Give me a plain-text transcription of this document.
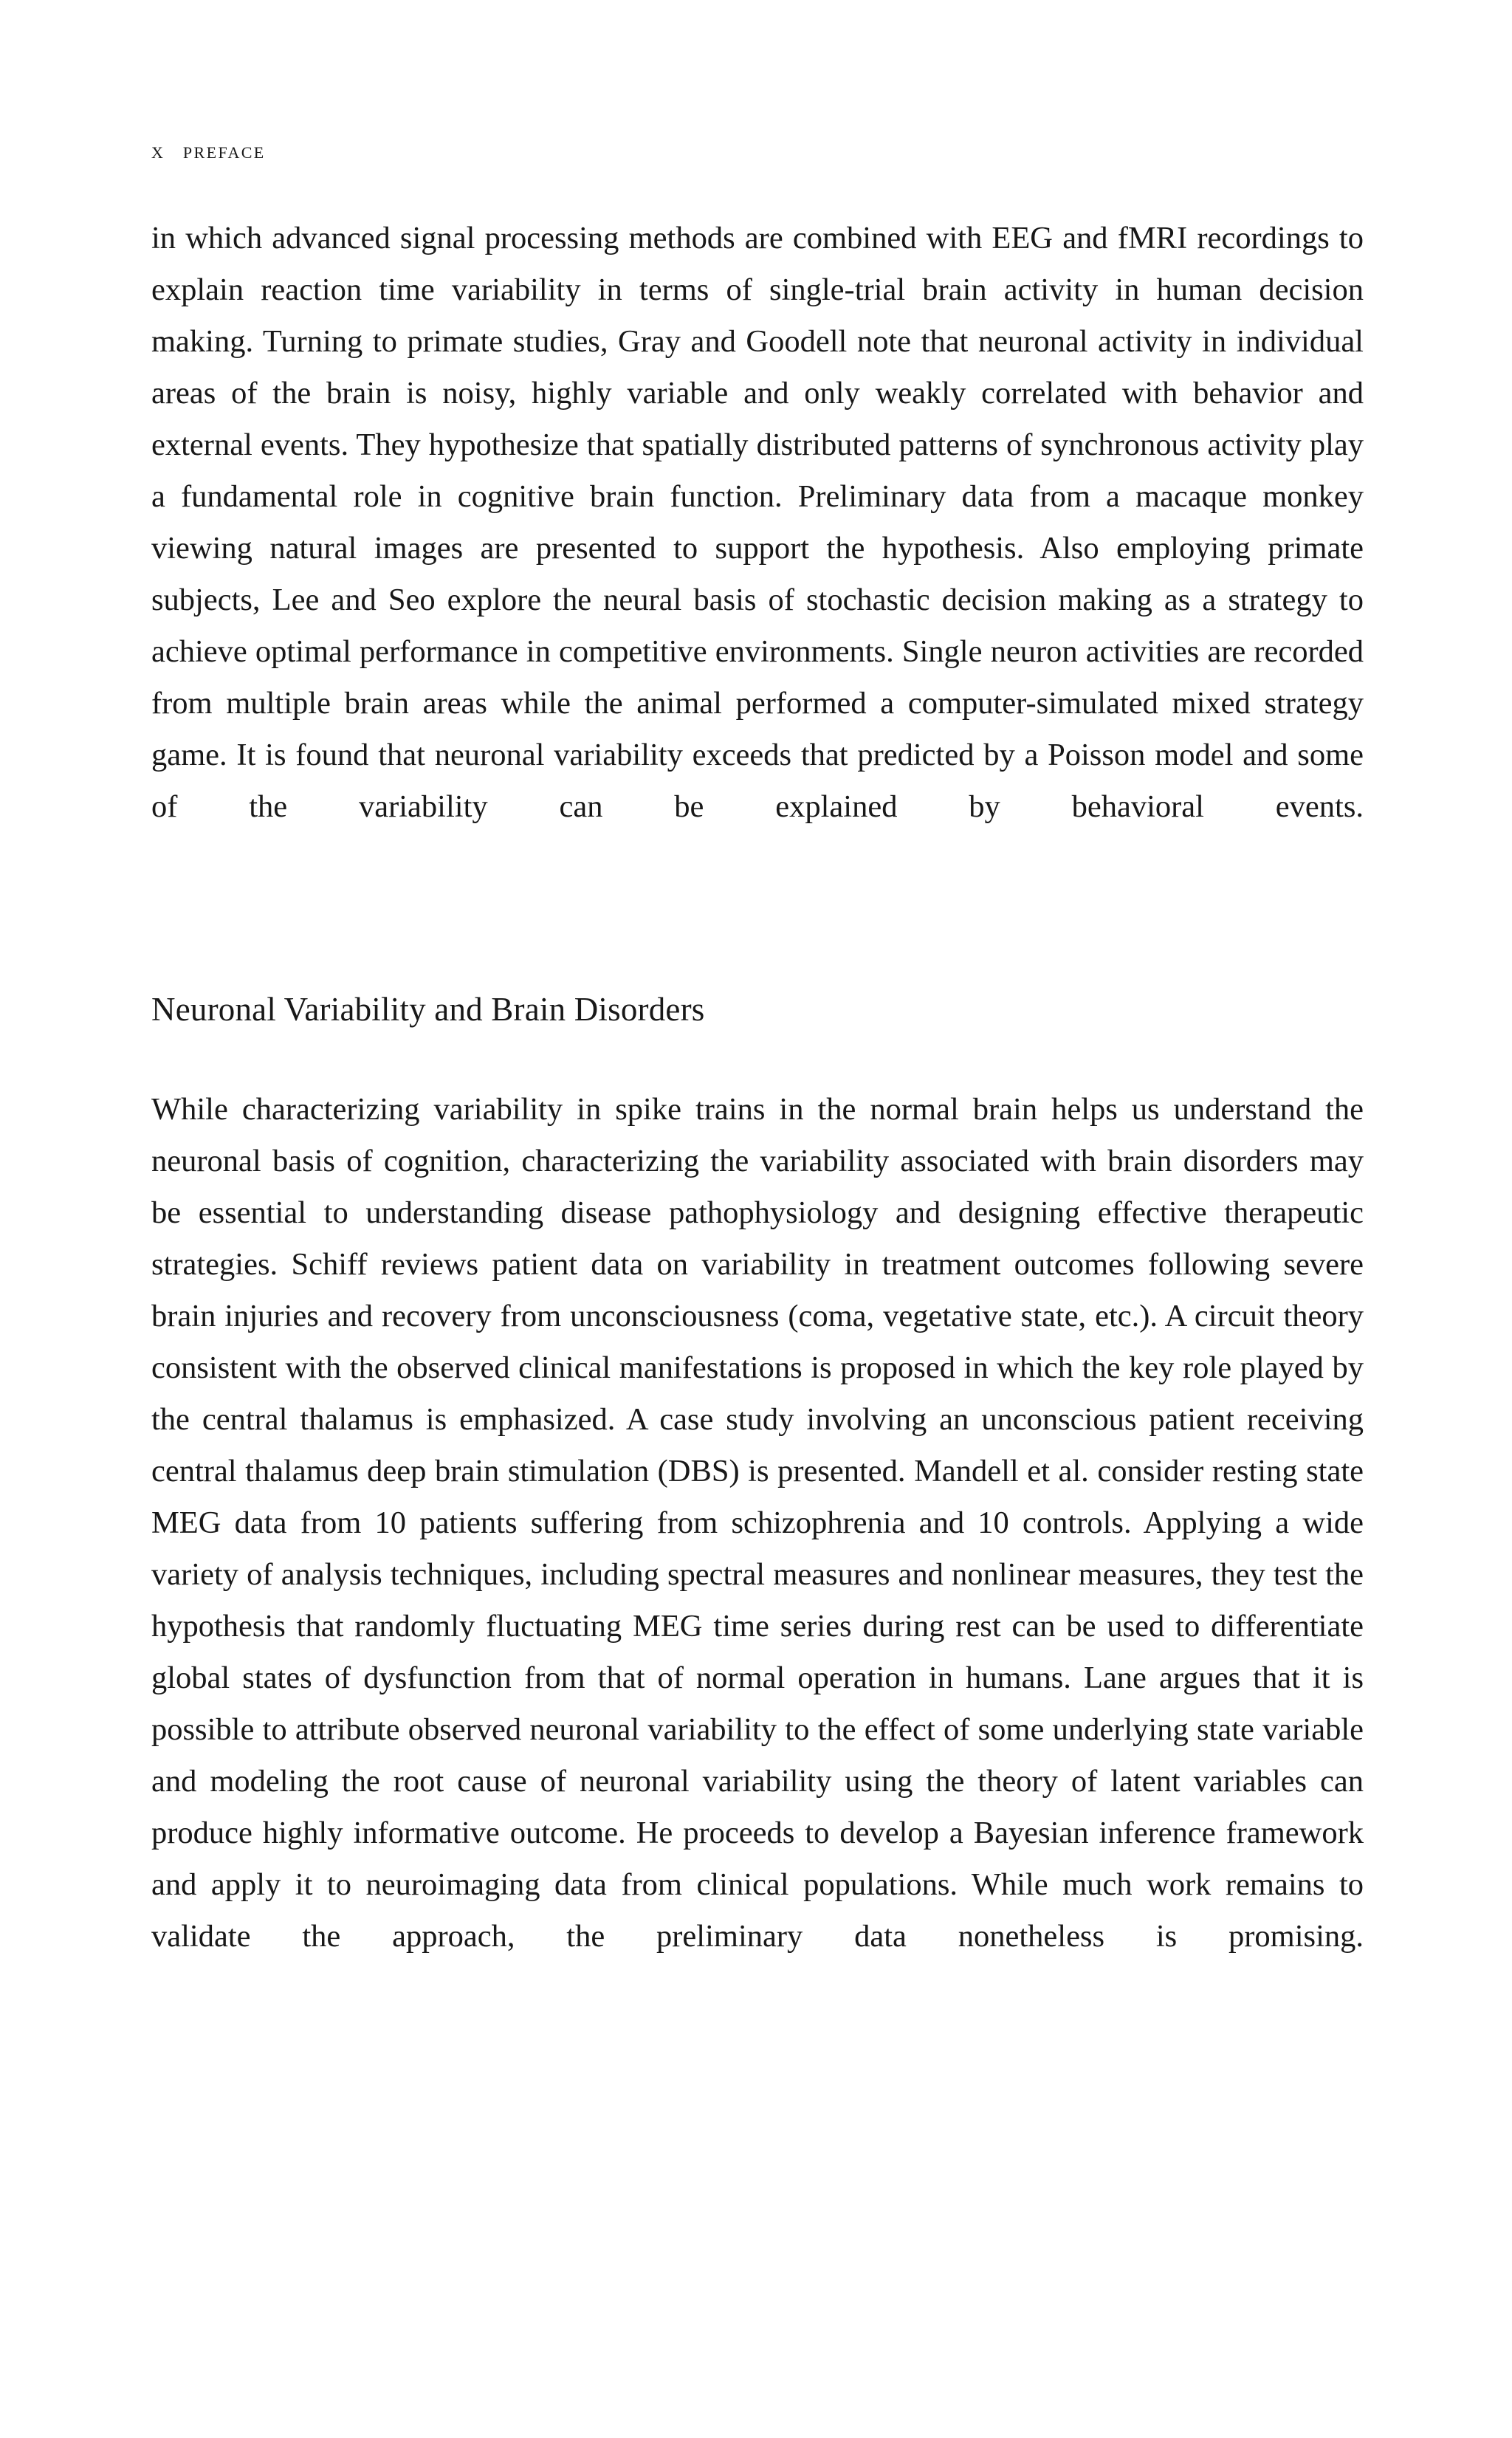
x preface

in which advanced signal processing methods are combined with EEG and fMRI recordings to explain reaction time variability in terms of single-trial brain activity in human decision making. Turning to primate studies, Gray and Goodell note that neuronal activity in individual areas of the brain is noisy, highly variable and only weakly correlated with behavior and external events. They hypothesize that spatially distributed patterns of synchronous activity play a fundamental role in cognitive brain function. Preliminary data from a macaque monkey viewing natural images are presented to support the hypothesis. Also employing primate subjects, Lee and Seo explore the neural basis of stochastic decision making as a strategy to achieve optimal performance in competitive environments. Single neuron activities are recorded from multiple brain areas while the animal performed a computer-simulated mixed strategy game. It is found that neuronal variability exceeds that predicted by a Poisson model and some of the variability can be explained by behavioral events.

Neuronal Variability and Brain Disorders

While characterizing variability in spike trains in the normal brain helps us understand the neuronal basis of cognition, characterizing the variability associated with brain disorders may be essential to understanding disease pathophysiology and designing effective therapeutic strategies. Schiff reviews patient data on variability in treatment outcomes following severe brain injuries and recovery from unconsciousness (coma, vegetative state, etc.). A circuit theory consistent with the observed clinical manifestations is proposed in which the key role played by the central thalamus is emphasized. A case study involving an unconscious patient receiving central thalamus deep brain stimulation (DBS) is presented. Mandell et al. consider resting state MEG data from 10 patients suffering from schizophrenia and 10 controls. Applying a wide variety of analysis techniques, including spectral measures and nonlinear measures, they test the hypothesis that randomly fluctuating MEG time series during rest can be used to differentiate global states of dysfunction from that of normal operation in humans. Lane argues that it is possible to attribute observed neuronal variability to the effect of some underlying state variable and modeling the root cause of neuronal variability using the theory of latent variables can produce highly informative outcome. He proceeds to develop a Bayesian inference framework and apply it to neuroimaging data from clinical populations. While much work remains to validate the approach, the preliminary data nonetheless is promising.
